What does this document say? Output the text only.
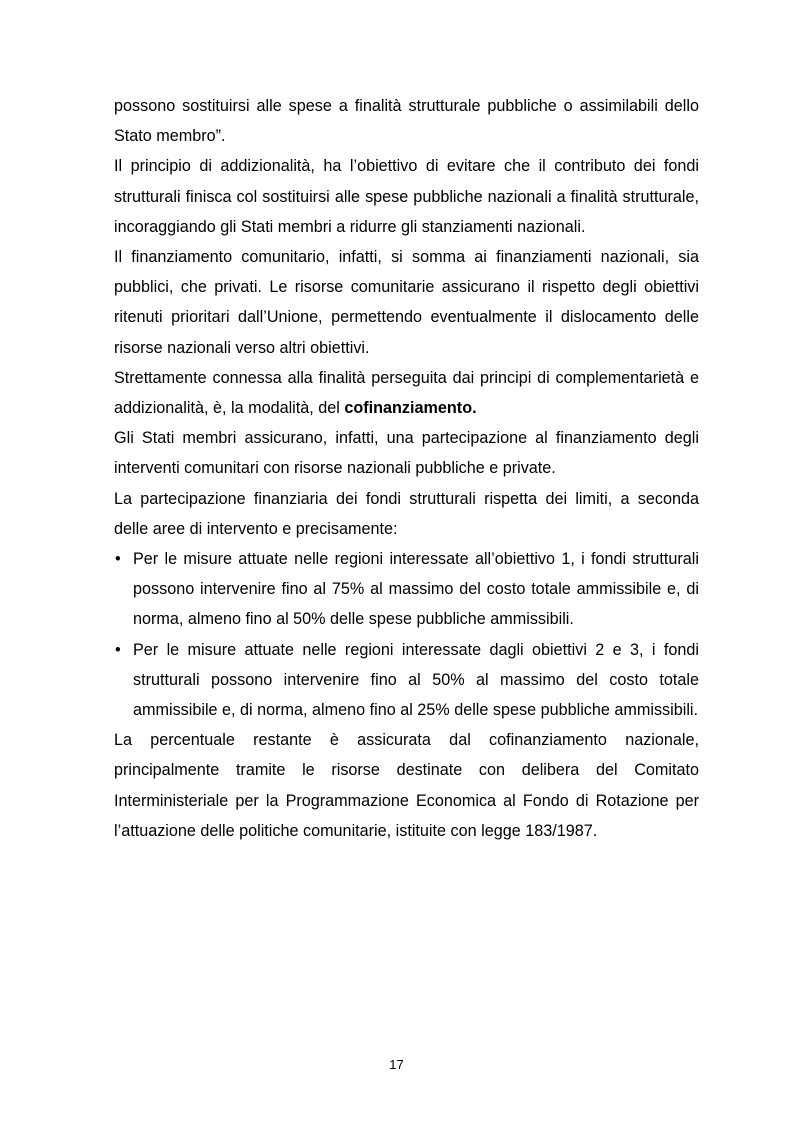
possono sostituirsi alle spese a finalità strutturale pubbliche o assimilabili dello Stato membro”.

Il principio di addizionalità, ha l’obiettivo di evitare che il contributo dei fondi strutturali finisca col sostituirsi alle spese pubbliche nazionali a finalità strutturale, incoraggiando gli Stati membri a ridurre gli stanziamenti nazionali.

Il finanziamento comunitario, infatti, si somma ai finanziamenti nazionali, sia pubblici, che privati. Le risorse comunitarie assicurano il rispetto degli obiettivi ritenuti prioritari dall’Unione, permettendo eventualmente il dislocamento delle risorse nazionali verso altri obiettivi.

Strettamente connessa alla finalità perseguita dai principi di complementarietà e addizionalità, è, la modalità, del cofinanziamento.

Gli Stati membri assicurano, infatti, una partecipazione al finanziamento degli interventi comunitari con risorse nazionali pubbliche e private.

La partecipazione finanziaria dei fondi strutturali rispetta dei limiti, a seconda delle aree di intervento e precisamente:

• Per le misure attuate nelle regioni interessate all’obiettivo 1, i fondi strutturali possono intervenire fino al 75% al massimo del costo totale ammissibile e, di norma, almeno fino al 50% delle spese pubbliche ammissibili.
• Per le misure attuate nelle regioni interessate dagli obiettivi 2 e 3, i fondi strutturali possono intervenire fino al 50% al massimo del costo totale ammissibile e, di norma, almeno fino al 25% delle spese pubbliche ammissibili.

La percentuale restante è assicurata dal cofinanziamento nazionale, principalmente tramite le risorse destinate con delibera del Comitato Interministeriale per la Programmazione Economica al Fondo di Rotazione per l’attuazione delle politiche comunitarie, istituite con legge 183/1987.

17
